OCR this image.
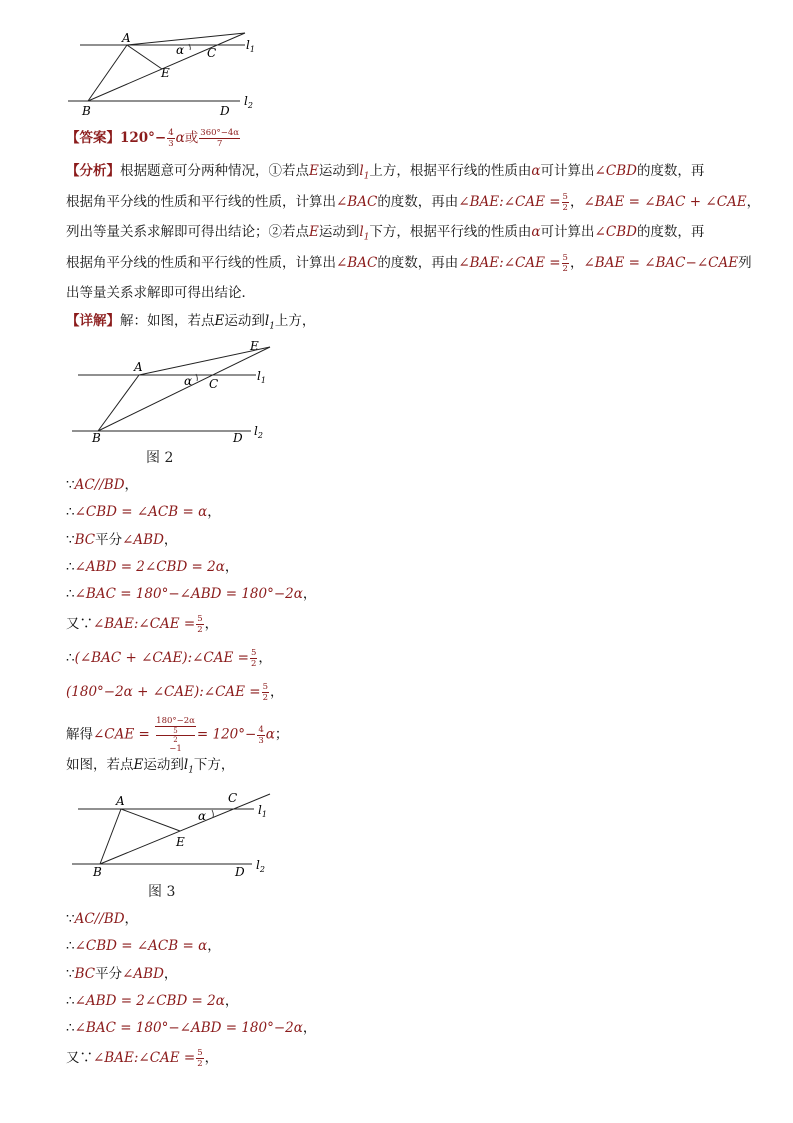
A
B
C
D
E
α	$l_1$
$l_2$
【答案】$120^\circ- \frac{4}{3}$ α或 $\frac{360^\circ-4\alpha}{7}$
【分析】根据题意可分两种情况，①若点E运动到$l_1$上方，根据平行线的性质由α可计算出∠CBD的度数，再
根据角平分线的性质和平行线的性质，计算出∠BAC的度数，再由∠BAE:∠CAE = $\frac{5}{2}$ ，∠BAE = ∠BAC + ∠CAE，
列出等量关系求解即可得出结论；②若点E运动到$l_1$下方，根据平行线的性质由α可计算出∠CBD的度数，再
根据角平分线的性质和平行线的性质，计算出∠BAC的度数，再由∠BAE:∠CAE = $\frac{5}{2}$ ，∠BAE = ∠BAC−∠CAE列
出等量关系求解即可得出结论．
【详解】解：如图，若点E运动到$l_1$上方，
A
B
C
D
E
α	$l_1$
$l_2$
图 2
∵AC//BD，
∴∠CBD = ∠ACB = α，
∵BC平分∠ABD，
∴∠ABD = 2∠CBD = 2α，
∴∠BAC = 180°−∠ABD = 180°−2α，
又∵∠BAE:∠CAE = $\frac{5}{2}$ ，
∴(∠BAC + ∠CAE):∠CAE = $\frac{5}{2}$ ，
(180°−2α + ∠CAE):∠CAE = $\frac{5}{2}$ ，
解得∠CAE = 180°−2α
5
2
$-1 = 120^\circ- \frac{4}{3}$ α；
如图，若点E运动到$l_1$下方，
A
B
C
D
E
α	$l_1$
$l_2$
图 3
∵AC//BD，
∴∠CBD = ∠ACB = α，
∵BC平分∠ABD，
∴∠ABD = 2∠CBD = 2α，
∴∠BAC = 180°−∠ABD = 180°−2α，
又∵∠BAE:∠CAE = $\frac{5}{2}$ ，
